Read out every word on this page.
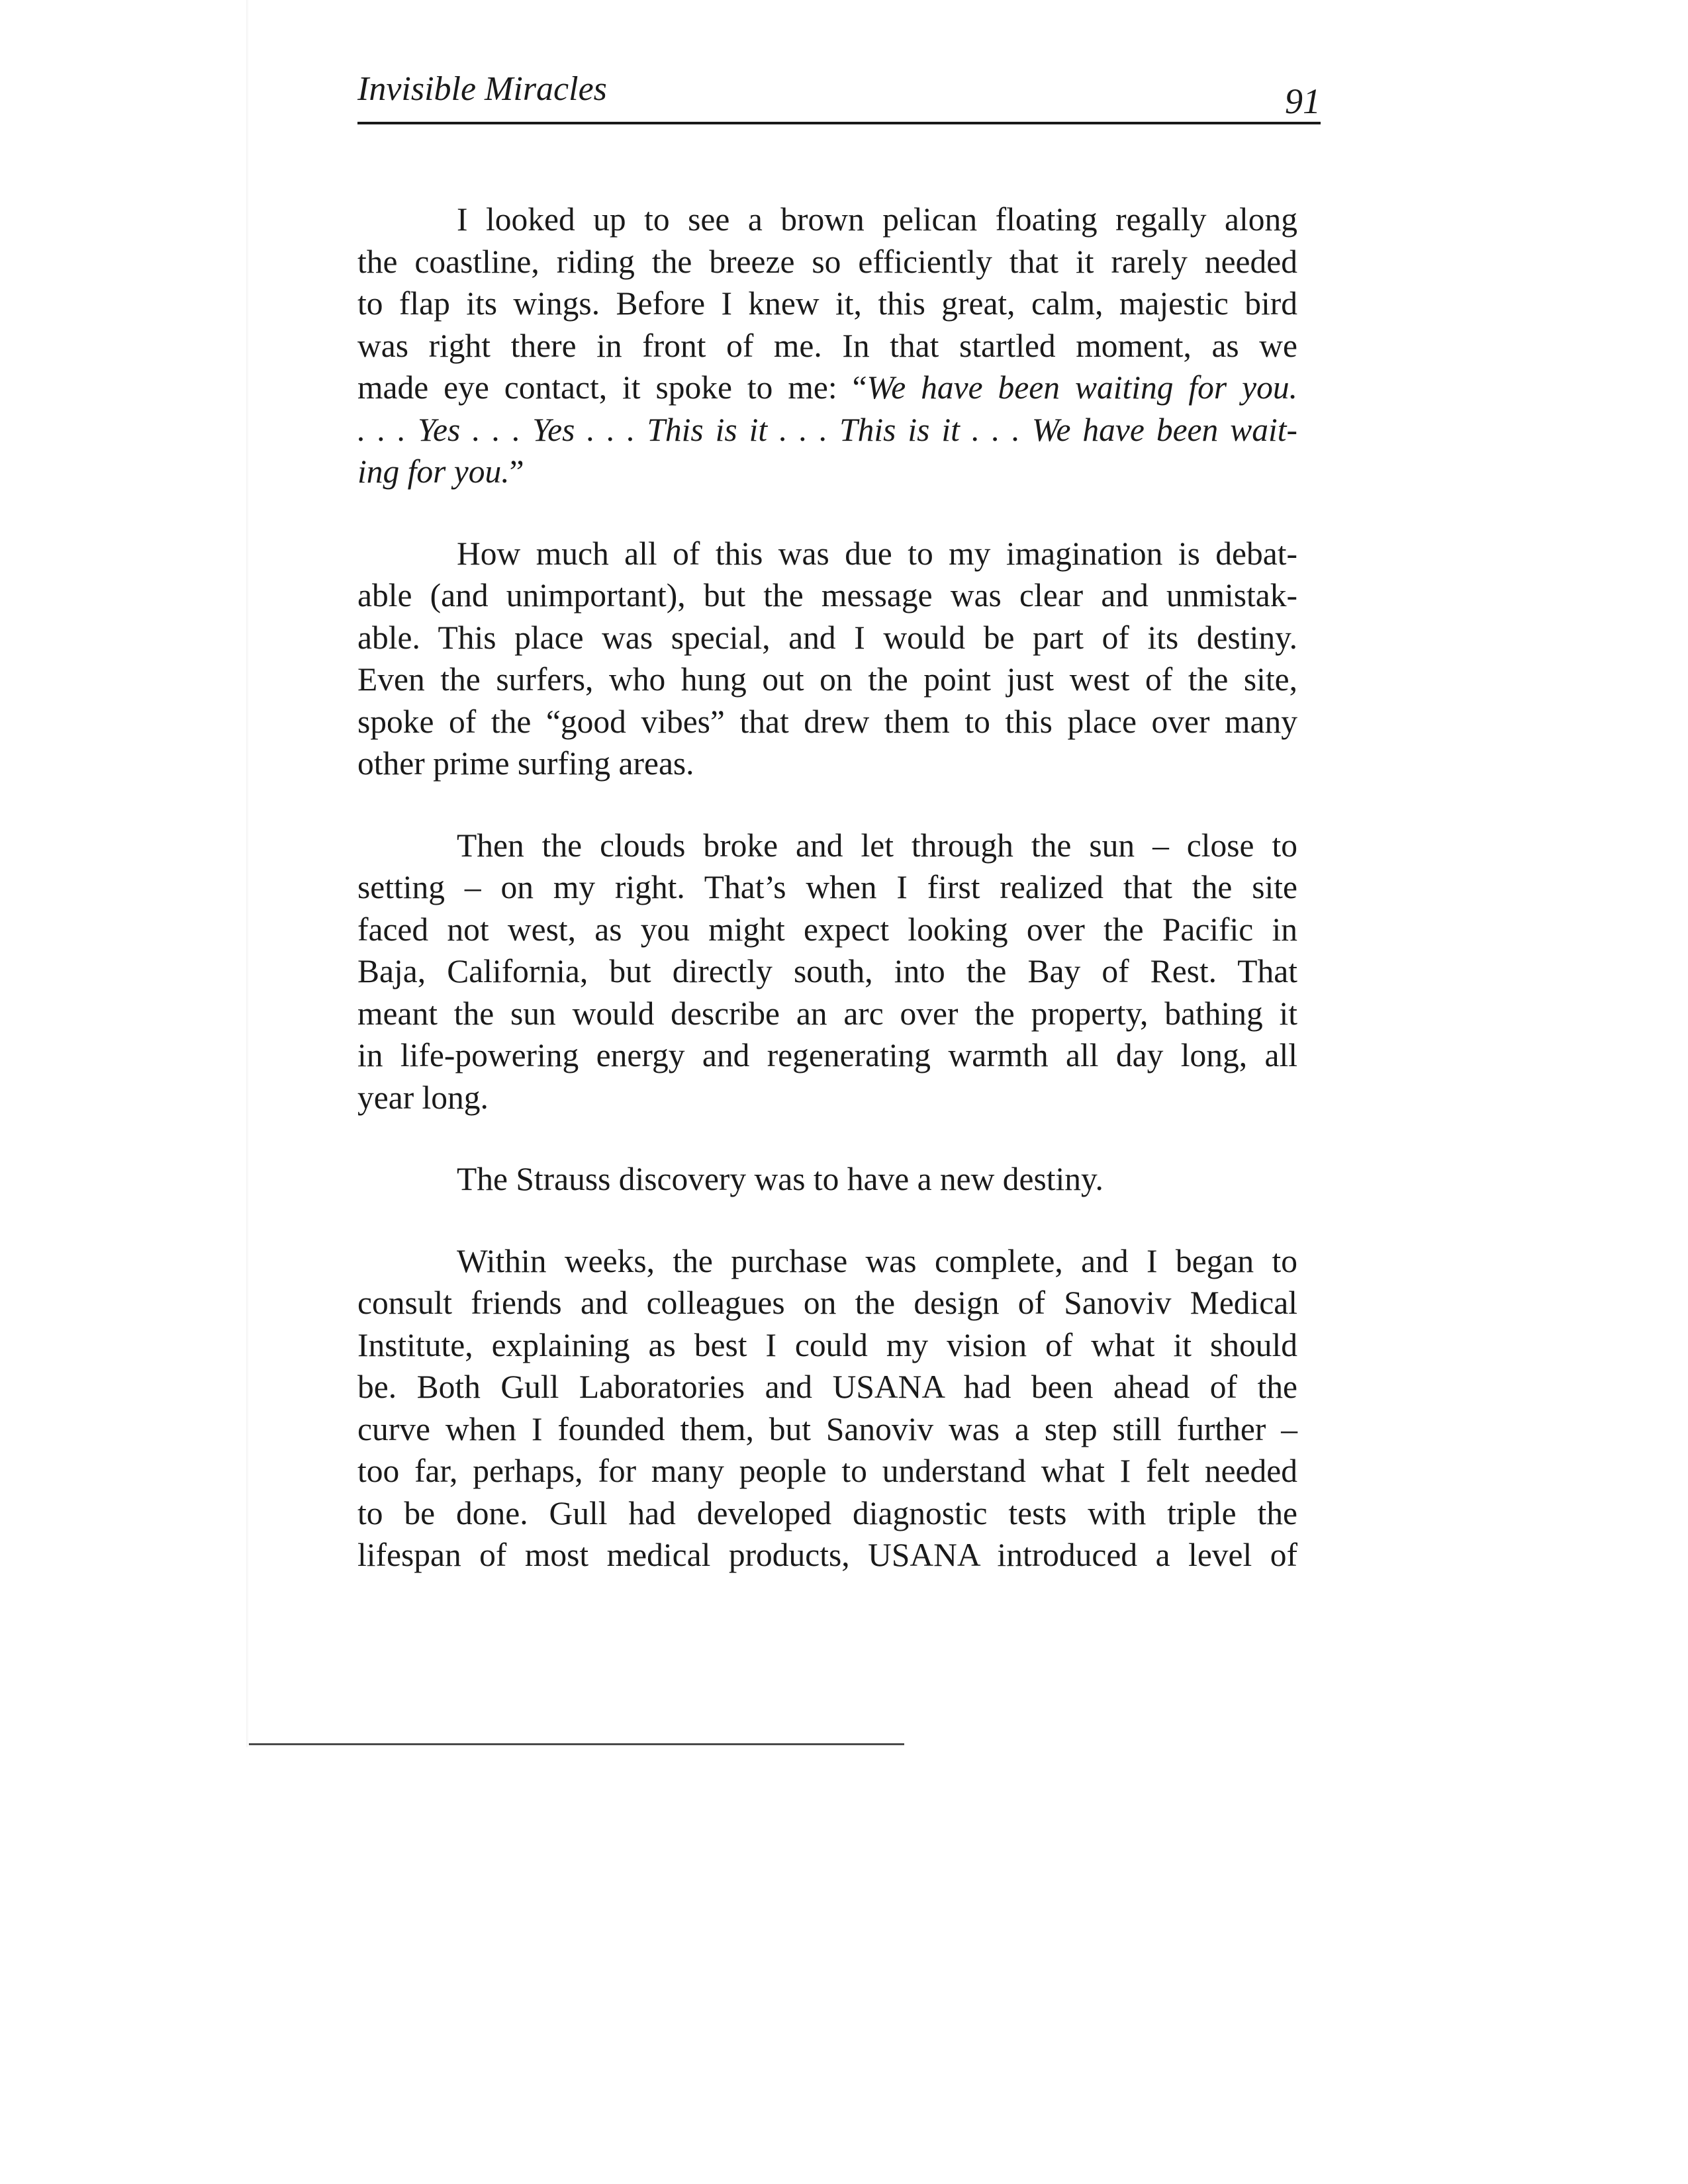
Invisible Miracles	91
I looked up to see a brown pelican floating regally along
the coastline, riding the breeze so efficiently that it rarely needed
to flap its wings. Before I knew it, this great, calm, majestic bird
was right there in front of me. In that startled moment, as we
made eye contact, it spoke to me: “We have been waiting for you.
. . . Yes . . . Yes . . . This is it . . . This is it . . . We have been wait-
ing for you.”
How much all of this was due to my imagination is debat-
able (and unimportant), but the message was clear and unmistak-
able. This place was special, and I would be part of its destiny.
Even the surfers, who hung out on the point just west of the site,
spoke of the “good vibes” that drew them to this place over many
other prime surfing areas.
Then the clouds broke and let through the sun – close to
setting – on my right. That’s when I first realized that the site
faced not west, as you might expect looking over the Pacific in
Baja, California, but directly south, into the Bay of Rest. That
meant the sun would describe an arc over the property, bathing it
in life-powering energy and regenerating warmth all day long, all
year long.
The Strauss discovery was to have a new destiny.
Within weeks, the purchase was complete, and I began to
consult friends and colleagues on the design of Sanoviv Medical
Institute, explaining as best I could my vision of what it should
be. Both Gull Laboratories and USANA had been ahead of the
curve when I founded them, but Sanoviv was a step still further –
too far, perhaps, for many people to understand what I felt needed
to be done. Gull had developed diagnostic tests with triple the
lifespan of most medical products, USANA introduced a level of
